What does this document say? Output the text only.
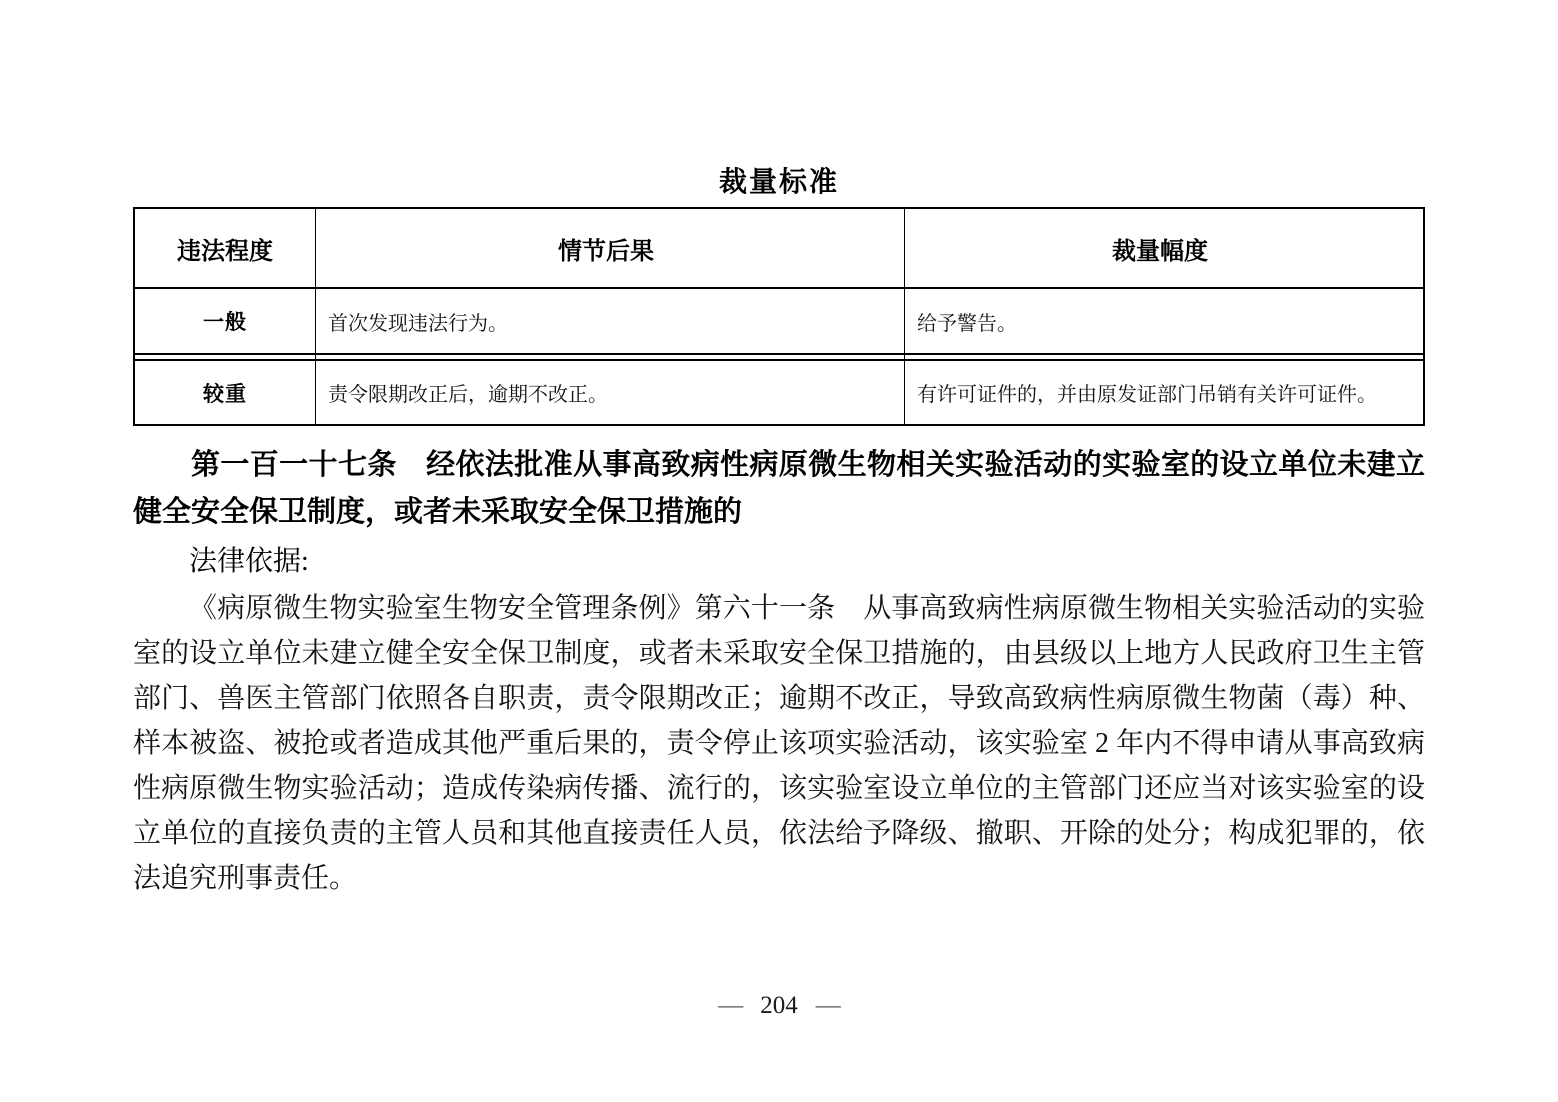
裁量标准
违法程度	情节后果	裁量幅度
一般	首次发现违法行为。	给予警告。
较重	责令限期改正后，逾期不改正。	有许可证件的，并由原发证部门吊销有关许可证件。

第一百一十七条　经依法批准从事高致病性病原微生物相关实验活动的实验室的设立单位未建立健全安全保卫制度，或者未采取安全保卫措施的

法律依据:

《病原微生物实验室生物安全管理条例》第六十一条　从事高致病性病原微生物相关实验活动的实验室的设立单位未建立健全安全保卫制度，或者未采取安全保卫措施的，由县级以上地方人民政府卫生主管部门、兽医主管部门依照各自职责，责令限期改正；逾期不改正，导致高致病性病原微生物菌（毒）种、样本被盗、被抢或者造成其他严重后果的，责令停止该项实验活动，该实验室 2 年内不得申请从事高致病性病原微生物实验活动；造成传染病传播、流行的，该实验室设立单位的主管部门还应当对该实验室的设立单位的直接负责的主管人员和其他直接责任人员，依法给予降级、撤职、开除的处分；构成犯罪的，依法追究刑事责任。

— 204 —
